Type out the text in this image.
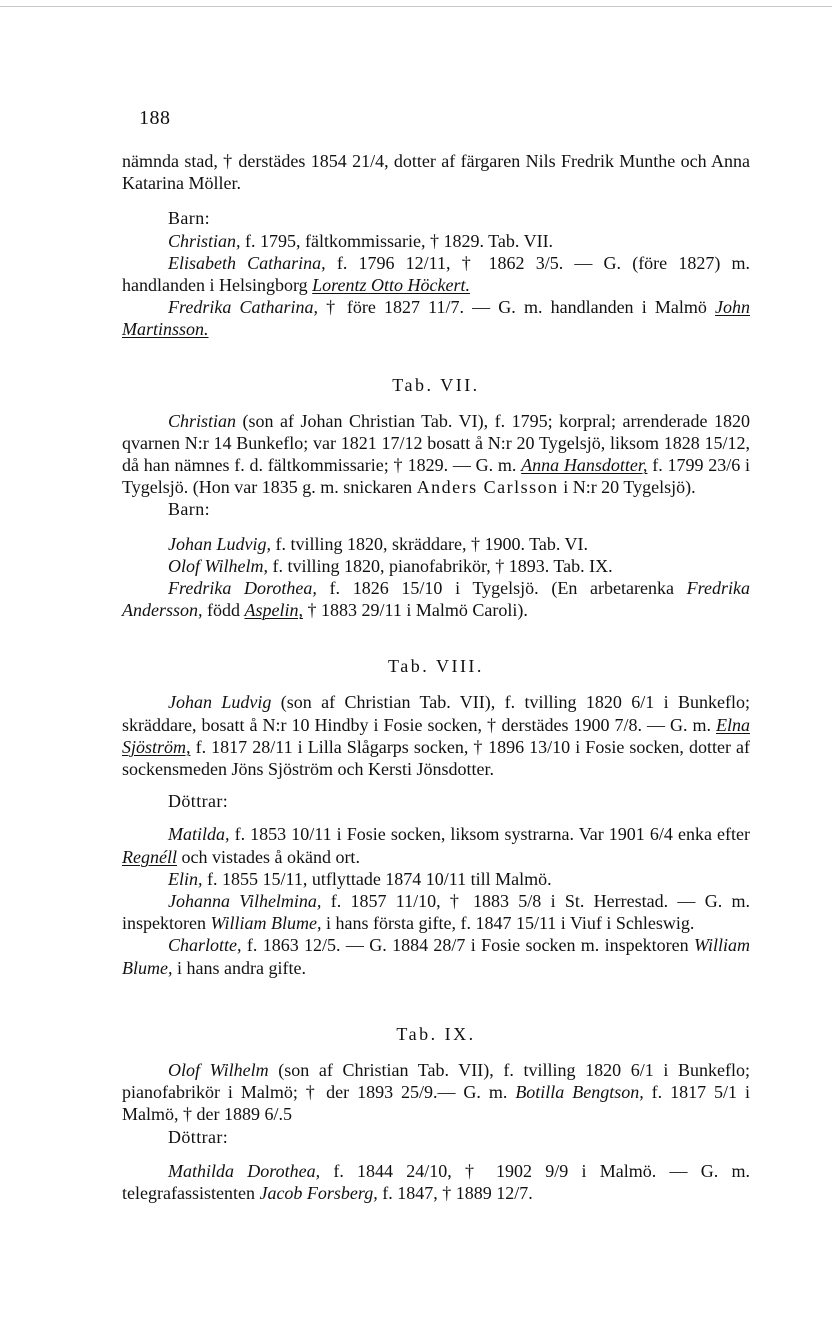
188

nämnda stad, † derstädes 1854 21/4, dotter af färgaren Nils Fredrik Munthe och Anna Katarina Möller.

Barn:

Christian, f. 1795, fältkommissarie, † 1829. Tab. VII.

Elisabeth Catharina, f. 1796 12/11, † 1862 3/5. — G. (före 1827) m. handlanden i Helsingborg Lorentz Otto Höckert.

Fredrika Catharina, † före 1827 11/7. — G. m. handlanden i Malmö John Martinsson.

Tab. VII.

Christian (son af Johan Christian Tab. VI), f. 1795; korpral; arrenderade 1820 qvarnen N:r 14 Bunkeflo; var 1821 17/12 bosatt å N:r 20 Tygelsjö, liksom 1828 15/12, då han nämnes f. d. fältkommissarie; † 1829. — G. m. Anna Hansdotter, f. 1799 23/6 i Tygelsjö. (Hon var 1835 g. m. snickaren Anders Carlsson i N:r 20 Tygelsjö).

Barn:

Johan Ludvig, f. tvilling 1820, skräddare, † 1900. Tab. VI.

Olof Wilhelm, f. tvilling 1820, pianofabrikör, † 1893. Tab. IX.

Fredrika Dorothea, f. 1826 15/10 i Tygelsjö. (En arbetarenka Fredrika Andersson, född Aspelin, † 1883 29/11 i Malmö Caroli).

Tab. VIII.

Johan Ludvig (son af Christian Tab. VII), f. tvilling 1820 6/1 i Bunkeflo; skräddare, bosatt å N:r 10 Hindby i Fosie socken, † derstädes 1900 7/8. — G. m. Elna Sjöström, f. 1817 28/11 i Lilla Slågarps socken, † 1896 13/10 i Fosie socken, dotter af sockensmeden Jöns Sjöström och Kersti Jönsdotter.

Döttrar:

Matilda, f. 1853 10/11 i Fosie socken, liksom systrarna. Var 1901 6/4 enka efter Regnéll och vistades å okänd ort.

Elin, f. 1855 15/11, utflyttade 1874 10/11 till Malmö.

Johanna Vilhelmina, f. 1857 11/10, † 1883 5/8 i St. Herrestad. — G. m. inspektoren William Blume, i hans första gifte, f. 1847 15/11 i Viuf i Schleswig.

Charlotte, f. 1863 12/5. — G. 1884 28/7 i Fosie socken m. inspektoren William Blume, i hans andra gifte.

Tab. IX.

Olof Wilhelm (son af Christian Tab. VII), f. tvilling 1820 6/1 i Bunkeflo; pianofabrikör i Malmö; † der 1893 25/9.— G. m. Botilla Bengtson, f. 1817 5/1 i Malmö, † der 1889 6/.5

Döttrar:

Mathilda Dorothea, f. 1844 24/10, † 1902 9/9 i Malmö. — G. m. telegrafassistenten Jacob Forsberg, f. 1847, † 1889 12/7.
